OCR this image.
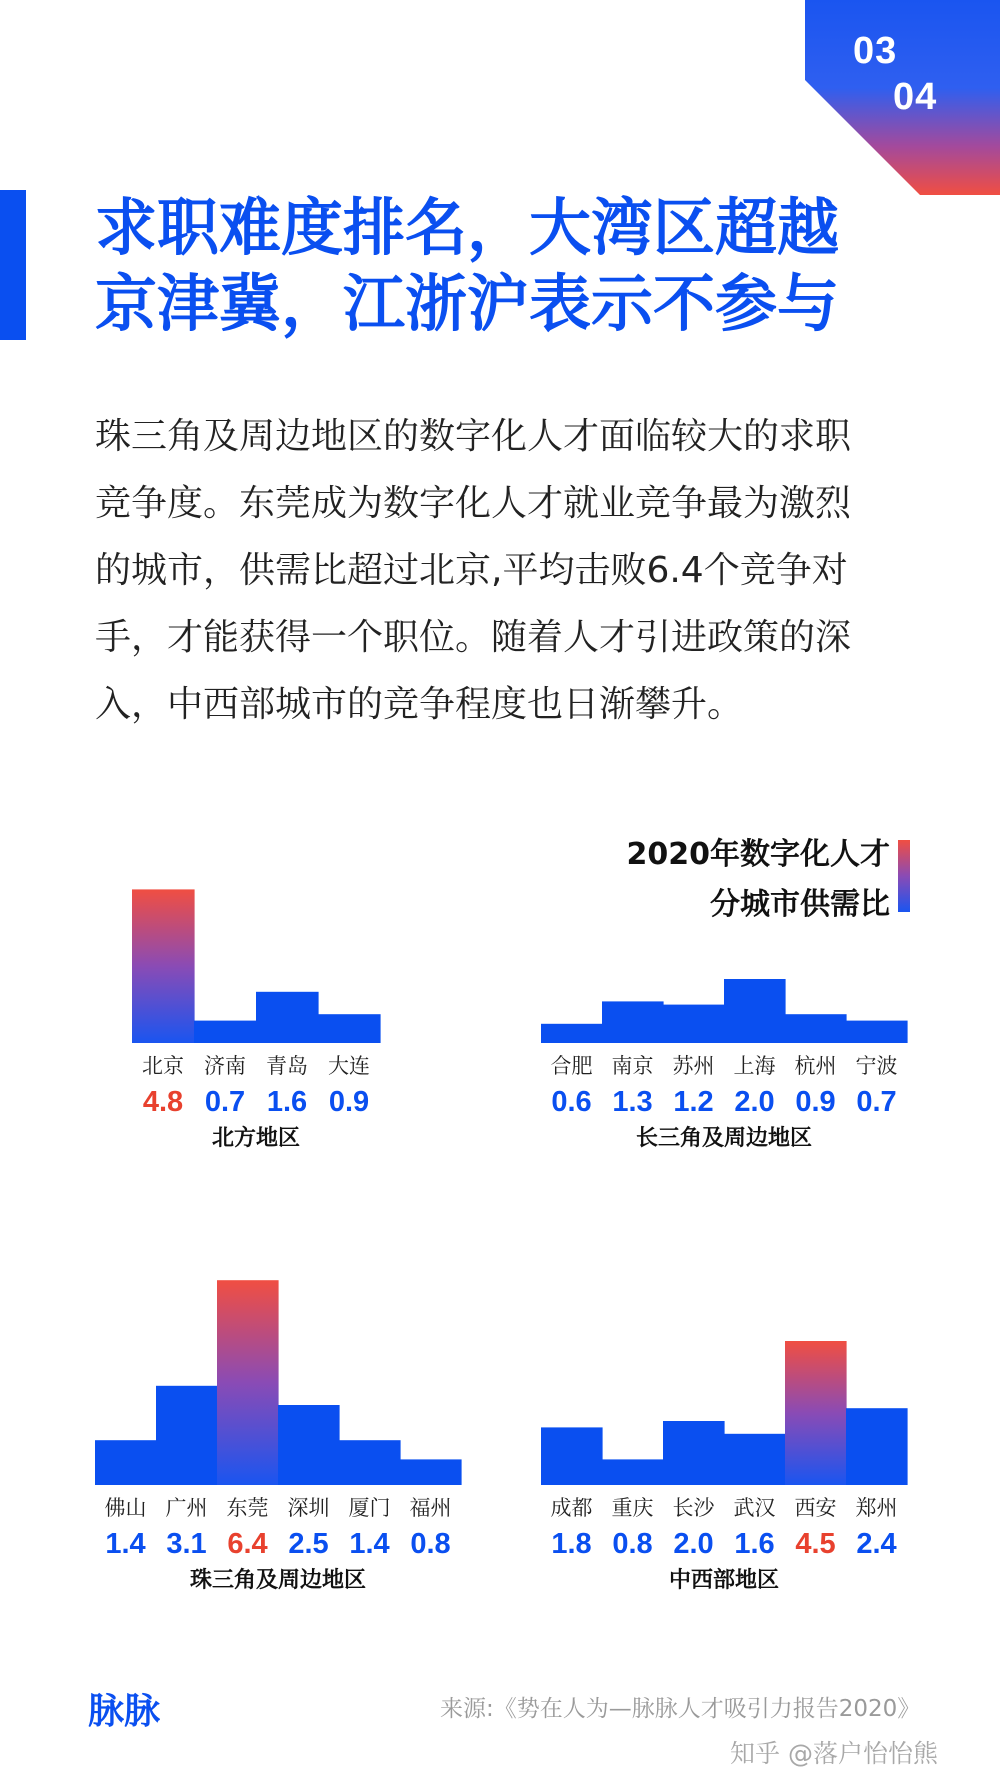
03
04
求职难度排名，大湾区超越
京津冀，江浙沪表示不参与
珠三角及周边地区的数字化人才面临较大的求职
竞争度。东莞成为数字化人才就业竞争最为激烈
的城市，供需比超过北京,平均击败6.4个竞争对
手，才能获得一个职位。随着人才引进政策的深
入，中西部城市的竞争程度也日渐攀升。
2020年数字化人才
分城市供需比
北京
4.8
济南
0.7
青岛
1.6
大连
0.9
北方地区
合肥
0.6
南京
1.3
苏州
1.2
上海
2.0
杭州
0.9
宁波
0.7
长三角及周边地区
佛山
1.4
广州
3.1
东莞
6.4
深圳
2.5
厦门
1.4
福州
0.8
珠三角及周边地区
成都
1.8
重庆
0.8
长沙
2.0
武汉
1.6
西安
4.5
郑州
2.4
中西部地区
脉脉	来源:《势在人为—脉脉人才吸引力报告2020》
知乎 @落户怡怡熊
